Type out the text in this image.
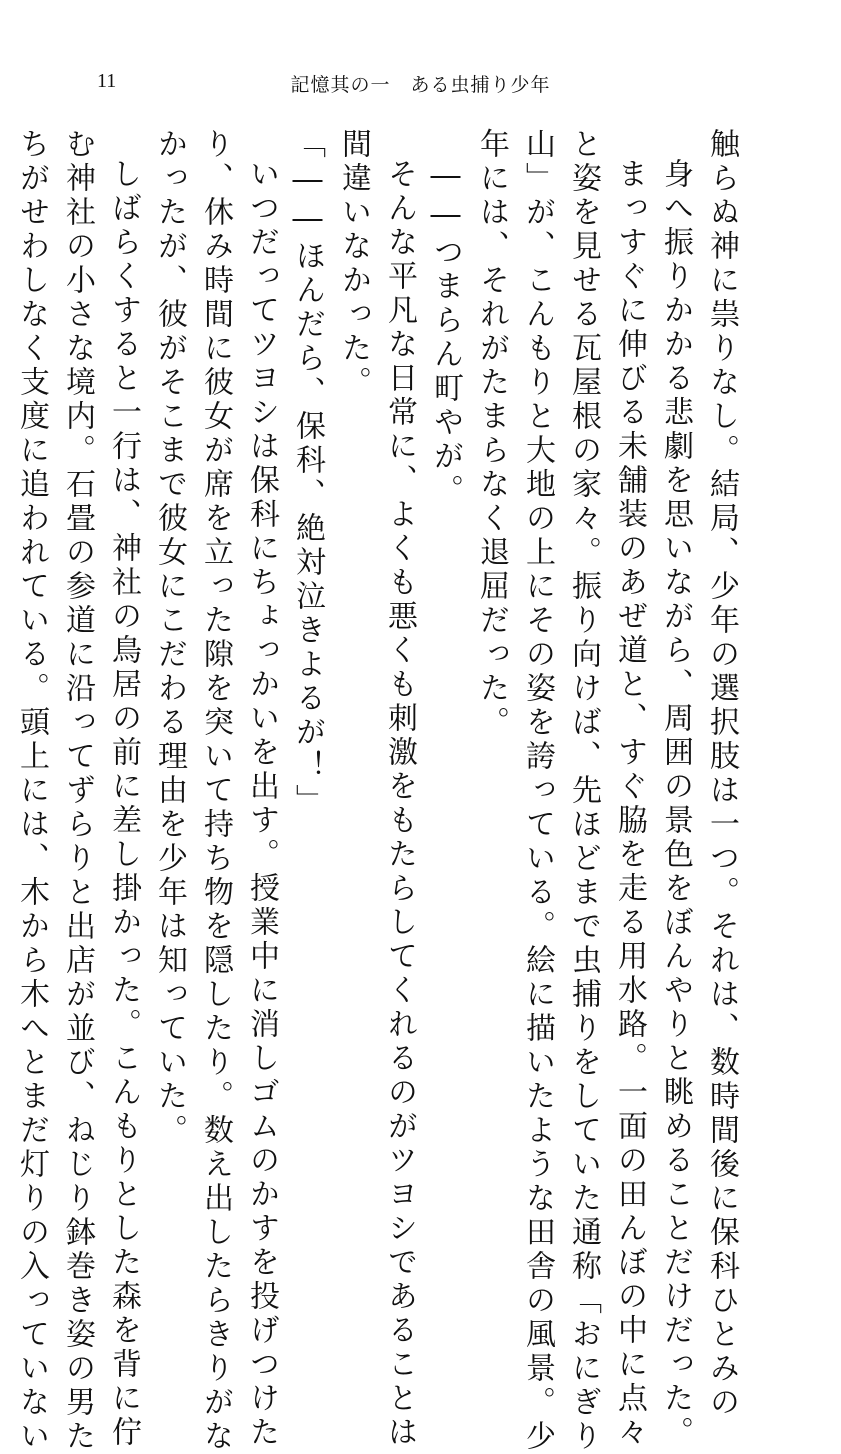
11	記憶其の一　ある虫捕り少年
触らぬ神に祟りなし。結局、少年の選択肢は一つ。それは、数時間後に保科ひとみの
身へ振りかかる悲劇を思いながら、周囲の景色をぼんやりと眺めることだけだった。
まっすぐに伸びる未舗装のあぜ道と、すぐ脇を走る用水路。一面の田んぼの中に点々
と姿を見せる瓦屋根の家々。振り向けば、先ほどまで虫捕りをしていた通称「おにぎり
山」が、こんもりと大地の上にその姿を誇っている。絵に描いたような田舎の風景。少
年には、それがたまらなく退屈だった。
――つまらん町やが。
そんな平凡な日常に、よくも悪くも刺激をもたらしてくれるのがツヨシであることは
間違いなかった。
「――ほんだら、保科、絶対泣きよるが！」
いつだってツヨシは保科にちょっかいを出す。授業中に消しゴムのかすを投げつけた
り、休み時間に彼女が席を立った隙を突いて持ち物を隠したり。数え出したらきりがな
かったが、彼がそこまで彼女にこだわる理由を少年は知っていた。
しばらくすると一行は、神社の鳥居の前に差し掛かった。こんもりとした森を背に佇
む神社の小さな境内。石畳の参道に沿ってずらりと出店が並び、ねじり鉢巻き姿の男た
ちがせわしなく支度に追われている。頭上には、木から木へとまだ灯りの入っていない
